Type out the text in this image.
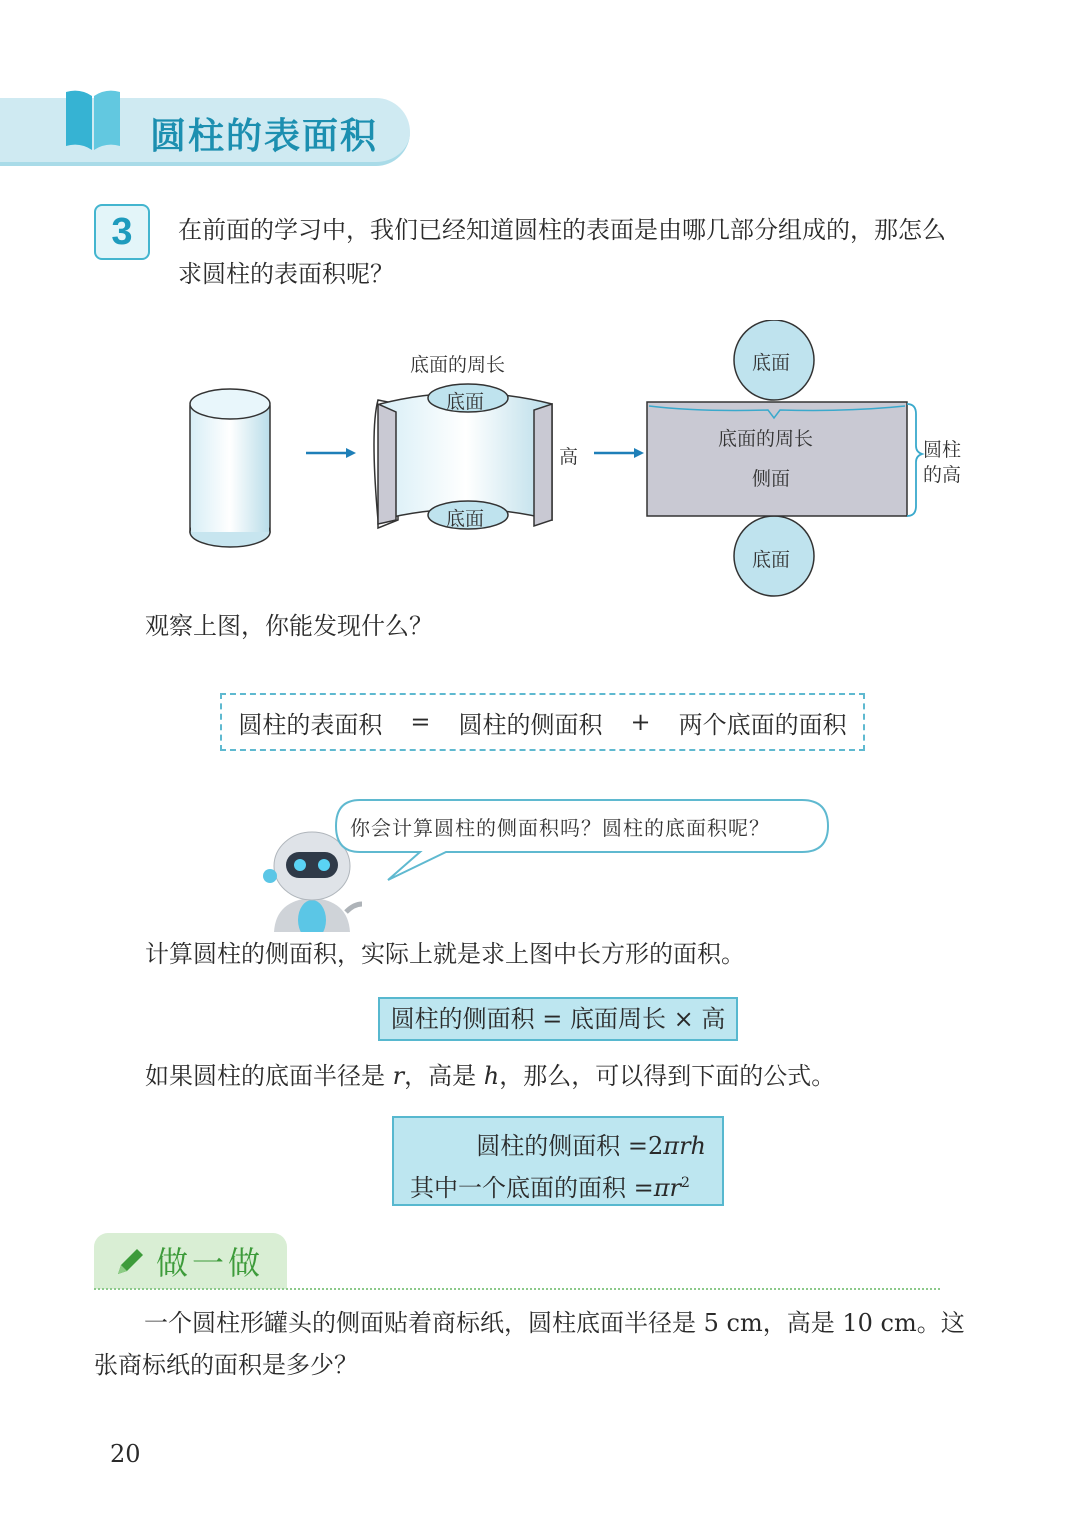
圆柱的表面积
3	在前面的学习中，我们已经知道圆柱的表面是由哪几部分组成的，那怎么求圆柱的表面积呢？
底面的周长
底面
底面
高
底面
底面的周长
侧面
底面
圆柱
的高
观察上图，你能发现什么？
圆柱的表面积	=	圆柱的侧面积	+	两个底面的面积
你会计算圆柱的侧面积吗？圆柱的底面积呢？
计算圆柱的侧面积，实际上就是求上图中长方形的面积。
圆柱的侧面积 = 底面周长 × 高
如果圆柱的底面半径是 r，高是 h，那么，可以得到下面的公式。
圆柱的侧面积 =2πrh
其中一个底面的面积 $=\pi r^2$
做一做
一个圆柱形罐头的侧面贴着商标纸，圆柱底面半径是 5 cm，高是 10 cm。这张商标纸的面积是多少？
20
